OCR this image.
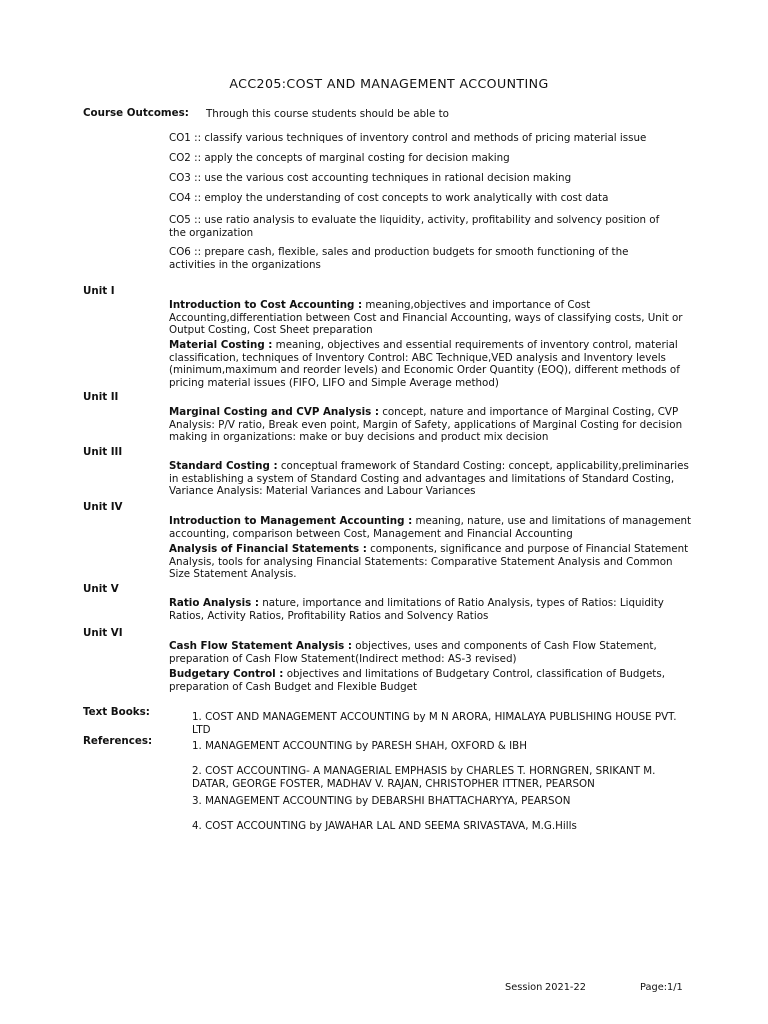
ACC205:COST AND MANAGEMENT ACCOUNTING
Course Outcomes: Through this course students should be able to
CO1 :: classify various techniques of inventory control and methods of pricing material issue
CO2 :: apply the concepts of marginal costing for decision making
CO3 :: use the various cost accounting techniques in rational decision making
CO4 :: employ the understanding of cost concepts to work analytically with cost data
CO5 :: use ratio analysis to evaluate the liquidity, activity, profitability and solvency position of the organization
CO6 :: prepare cash, flexible, sales and production budgets for smooth functioning of the activities in the organizations
Unit I
Introduction to Cost Accounting : meaning,objectives and importance of Cost Accounting,differentiation between Cost and Financial Accounting, ways of classifying costs, Unit or Output Costing, Cost Sheet preparation
Material Costing : meaning, objectives and essential requirements of inventory control, material classification, techniques of Inventory Control: ABC Technique,VED analysis and Inventory levels (minimum,maximum and reorder levels) and Economic Order Quantity (EOQ), different methods of pricing material issues (FIFO, LIFO and Simple Average method)
Unit II
Marginal Costing and CVP Analysis : concept, nature and importance of Marginal Costing, CVP Analysis: P/V ratio, Break even point, Margin of Safety, applications of Marginal Costing for decision making in organizations: make or buy decisions and product mix decision
Unit III
Standard Costing : conceptual framework of Standard Costing: concept, applicability,preliminaries in establishing a system of Standard Costing and advantages and limitations of Standard Costing, Variance Analysis: Material Variances and Labour Variances
Unit IV
Introduction to Management Accounting : meaning, nature, use and limitations of management accounting, comparison between Cost, Management and Financial Accounting
Analysis of Financial Statements : components, significance and purpose of Financial Statement Analysis, tools for analysing Financial Statements: Comparative Statement Analysis and Common Size Statement Analysis.
Unit V
Ratio Analysis : nature, importance and limitations of Ratio Analysis, types of Ratios: Liquidity Ratios, Activity Ratios, Profitability Ratios and Solvency Ratios
Unit VI
Cash Flow Statement Analysis : objectives, uses and components of Cash Flow Statement, preparation of Cash Flow Statement(Indirect method: AS-3 revised)
Budgetary Control : objectives and limitations of Budgetary Control, classification of Budgets, preparation of Cash Budget and Flexible Budget
Text Books:	1. COST AND MANAGEMENT ACCOUNTING by M N ARORA, HIMALAYA PUBLISHING HOUSE PVT. LTD
References:	1. MANAGEMENT ACCOUNTING by PARESH SHAH, OXFORD & IBH
2. COST ACCOUNTING- A MANAGERIAL EMPHASIS by CHARLES T. HORNGREN, SRIKANT M. DATAR, GEORGE FOSTER, MADHAV V. RAJAN, CHRISTOPHER ITTNER, PEARSON
3. MANAGEMENT ACCOUNTING by DEBARSHI BHATTACHARYYA, PEARSON
4. COST ACCOUNTING by JAWAHAR LAL AND SEEMA SRIVASTAVA, M.G.Hills
Session 2021-22	Page:1/1
